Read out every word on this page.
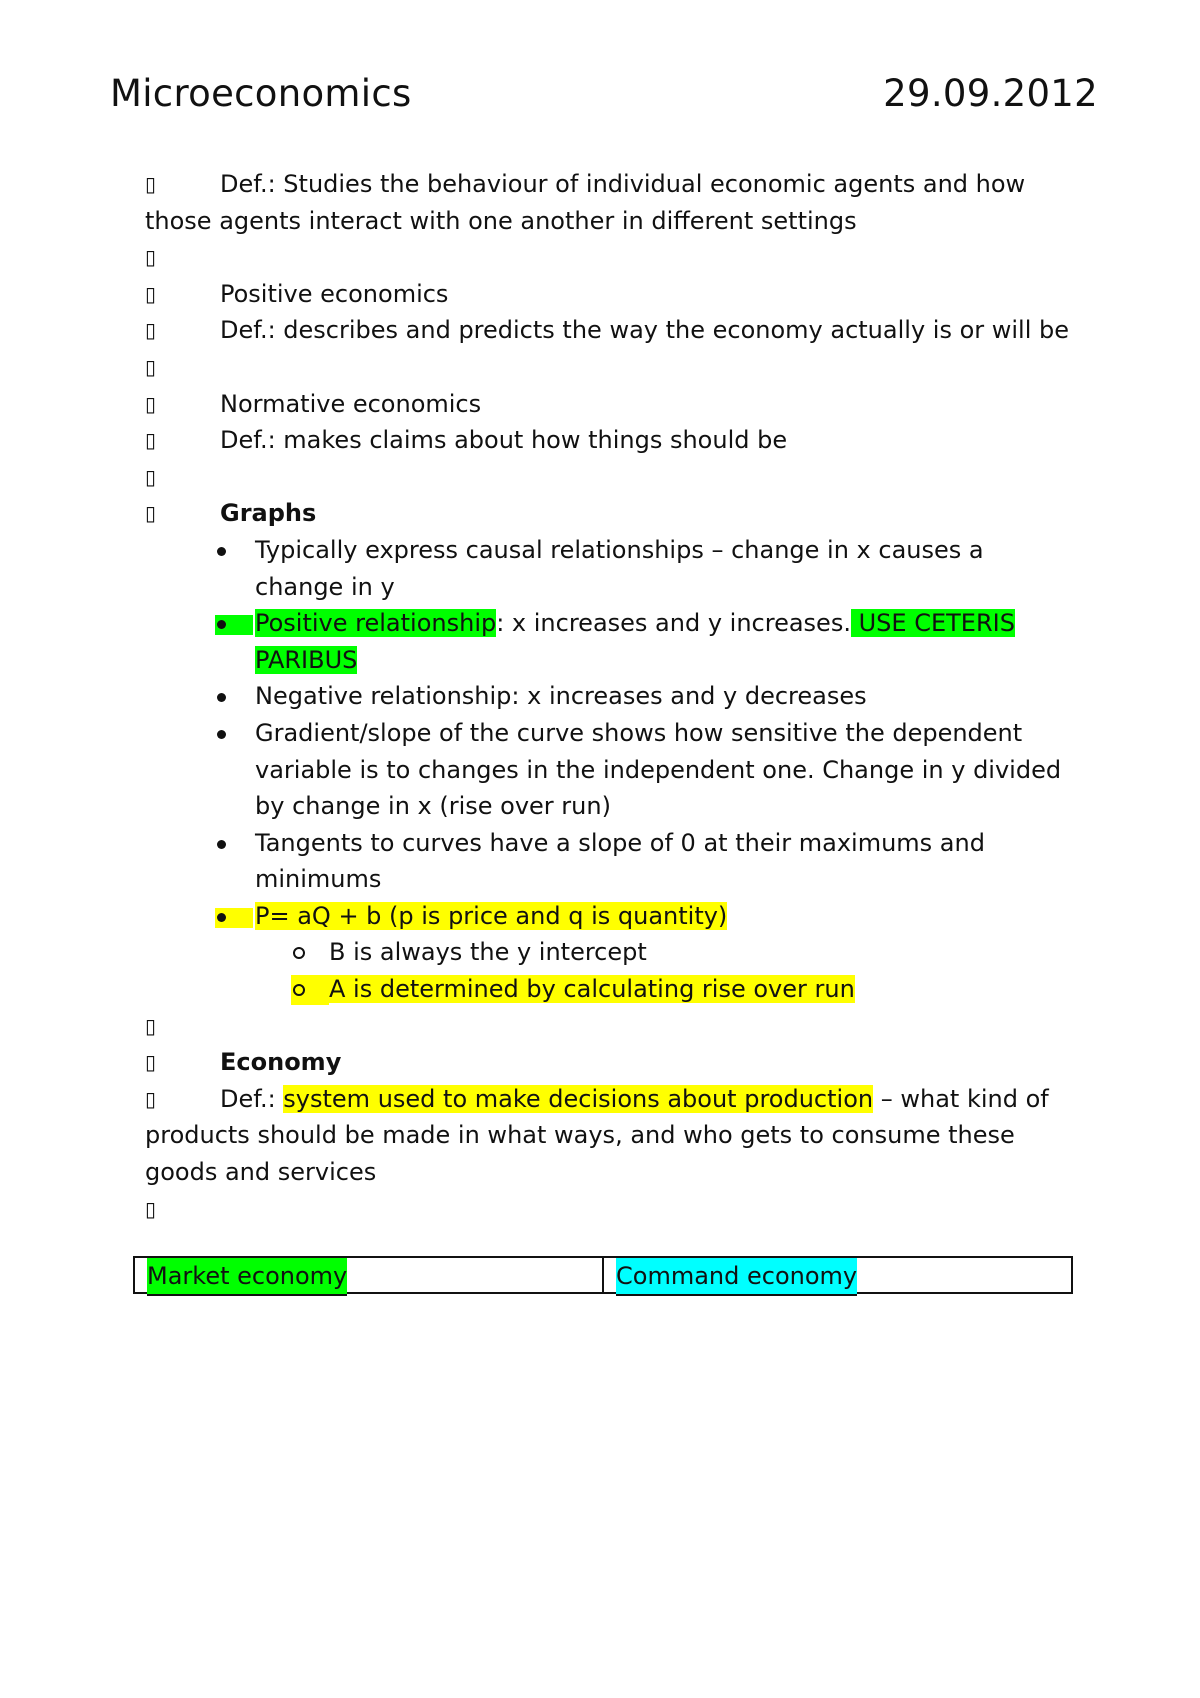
Microeconomics	29.09.2012
▯	Def.: Studies the behaviour of individual economic agents and how those agents interact with one another in different settings
▯
▯	Positive economics
▯	Def.: describes and predicts the way the economy actually is or will be
▯
▯	Normative economics
▯	Def.: makes claims about how things should be
▯
▯	Graphs
Typically express causal relationships – change in x causes a change in y
Positive relationship: x increases and y increases. USE CETERIS PARIBUS
Negative relationship: x increases and y decreases
Gradient/slope of the curve shows how sensitive the dependent variable is to changes in the independent one. Change in y divided by change in x (rise over run)
Tangents to curves have a slope of 0 at their maximums and minimums
P= aQ + b (p is price and q is quantity)
B is always the y intercept
A is determined by calculating rise over run
▯
▯	Economy
▯	Def.: system used to make decisions about production – what kind of products should be made in what ways, and who gets to consume these goods and services
▯
Market economy	Command economy
